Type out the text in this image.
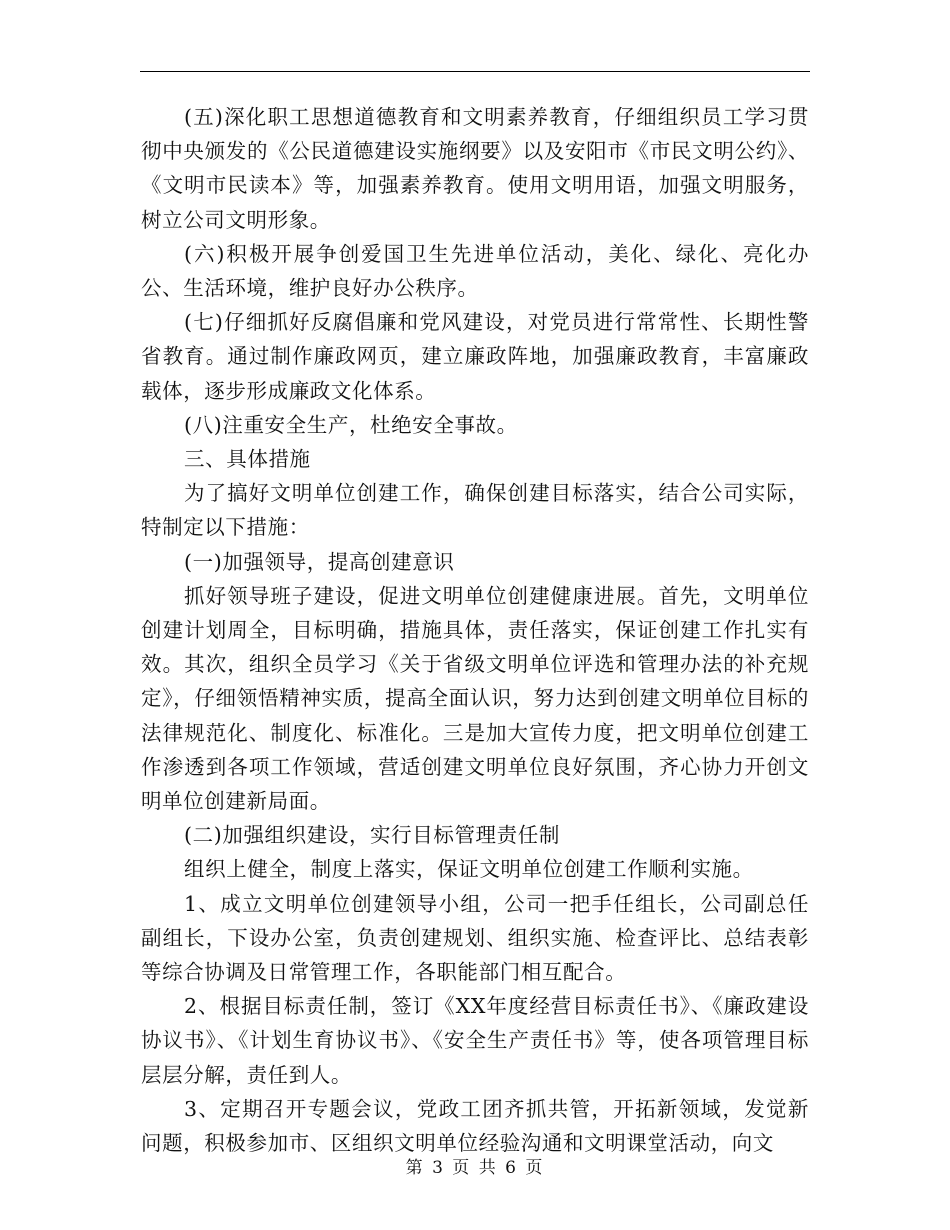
(五)深化职工思想道德教育和文明素养教育，仔细组织员工学习贯彻中央颁发的《公民道德建设实施纲要》以及安阳市《市民文明公约》、《文明市民读本》等，加强素养教育。使用文明用语，加强文明服务，树立公司文明形象。

(六)积极开展争创爱国卫生先进单位活动，美化、绿化、亮化办公、生活环境，维护良好办公秩序。

(七)仔细抓好反腐倡廉和党风建设，对党员进行常常性、长期性警省教育。通过制作廉政网页，建立廉政阵地，加强廉政教育，丰富廉政载体，逐步形成廉政文化体系。

(八)注重安全生产，杜绝安全事故。

三、具体措施

为了搞好文明单位创建工作，确保创建目标落实，结合公司实际，特制定以下措施：

(一)加强领导，提高创建意识

抓好领导班子建设，促进文明单位创建健康进展。首先，文明单位创建计划周全，目标明确，措施具体，责任落实，保证创建工作扎实有效。其次，组织全员学习《关于省级文明单位评选和管理办法的补充规定》，仔细领悟精神实质，提高全面认识，努力达到创建文明单位目标的法律规范化、制度化、标准化。三是加大宣传力度，把文明单位创建工作渗透到各项工作领域，营适创建文明单位良好氛围，齐心协力开创文明单位创建新局面。

(二)加强组织建设，实行目标管理责任制

组织上健全，制度上落实，保证文明单位创建工作顺利实施。

1、成立文明单位创建领导小组，公司一把手任组长，公司副总任副组长，下设办公室，负责创建规划、组织实施、检查评比、总结表彰等综合协调及日常管理工作，各职能部门相互配合。

2、根据目标责任制，签订《XX年度经营目标责任书》、《廉政建设协议书》、《计划生育协议书》、《安全生产责任书》等，使各项管理目标层层分解，责任到人。

3、定期召开专题会议，党政工团齐抓共管，开拓新领域，发觉新问题，积极参加市、区组织文明单位经验沟通和文明课堂活动，向文

第 3 页 共 6 页
